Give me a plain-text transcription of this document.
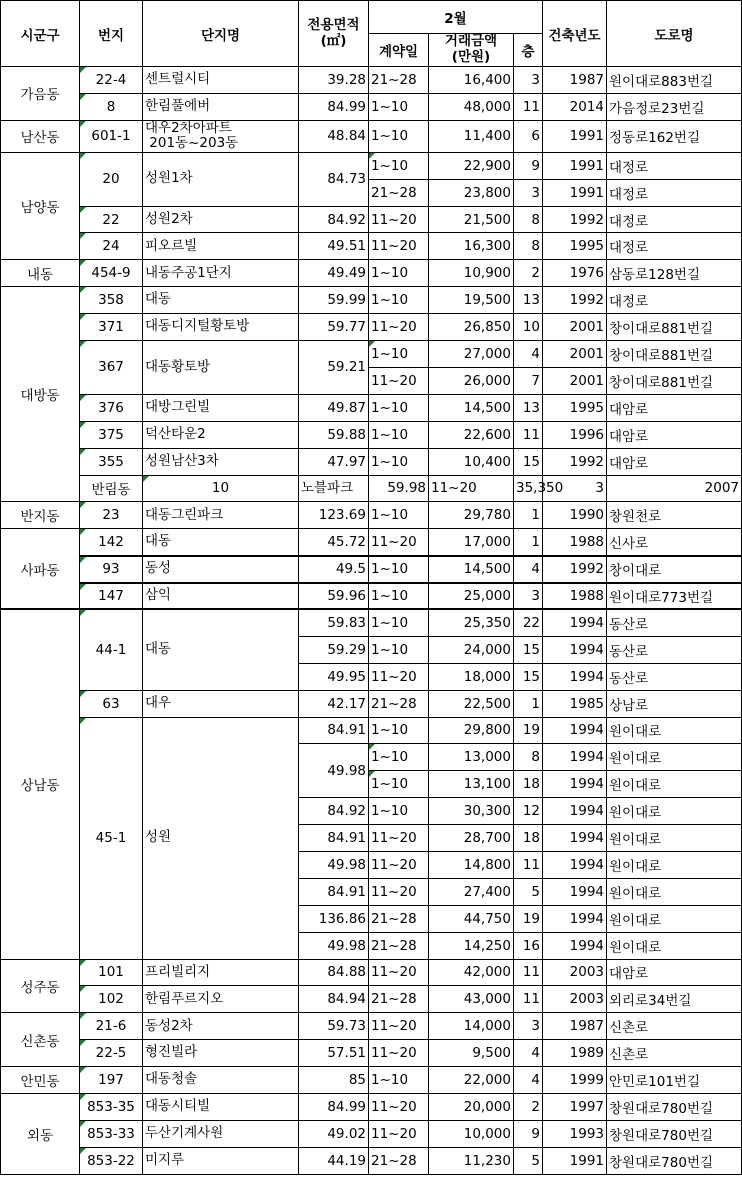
시군구	번지	단지명	전용면적
(㎡)	2월			건축년도	도로명	
				계약일	거래금액
(만원)	층			
가음동	22-4	센트럴시티	39.28	21~28	16,400	3	1987	원이대로883번길	
	8	한림풀에버	84.99	1~10	48,000	11	2014	가음정로23번길	
남산동	601-1	대우2차아파트
201동~203동	48.84	1~10	11,400	6	1991	정동로162번길	
남양동	20	성원1차	84.73	1~10	22,900	9	1991	대정로	
				21~28	23,800	3	1991	대정로	
	22	성원2차	84.92	11~20	21,500	8	1992	대정로	
	24	피오르빌	49.51	11~20	16,300	8	1995	대정로	
내동	454-9	내동주공1단지	49.49	1~10	10,900	2	1976	삼동로128번길	
대방동	358	대동	59.99	1~10	19,500	13	1992	대정로	
	371	대동디지털황토방	59.77	11~20	26,850	10	2001	창이대로881번길	
	367	대동황토방	59.21	1~10	27,000	4	2001	창이대로881번길	
				11~20	26,000	7	2001	창이대로881번길	
	376	대방그린빌	49.87	1~10	14,500	13	1995	대암로	
	375	덕산타운2	59.88	1~10	22,600	11	1996	대암로	
	355	성원남산3차	47.97	1~10	10,400	15	1992	대암로	
	반림동	10	노블파크	59.98	11~20	35,350	3	2007	
반지동	23	대동그린파크	123.69	1~10	29,780	1	1990	창원천로	
사파동	142	대동	45.72	11~20	17,000	1	1988	신사로	
	93	동성	49.5	1~10	14,500	4	1992	창이대로	
	147	삼익	59.96	1~10	25,000	3	1988	원이대로773번길	
상남동	44-1	대동	59.83	1~10	25,350	22	1994	동산로	
			59.29	1~10	24,000	15	1994	동산로	
			49.95	11~20	18,000	15	1994	동산로	
	63	대우	42.17	21~28	22,500	1	1985	상남로	
	45-1	성원	84.91	1~10	29,800	19	1994	원이대로	
			49.98	1~10	13,000	8	1994	원이대로	
				1~10	13,100	18	1994	원이대로	
			84.92	1~10	30,300	12	1994	원이대로	
			84.91	11~20	28,700	18	1994	원이대로	
			49.98	11~20	14,800	11	1994	원이대로	
			84.91	11~20	27,400	5	1994	원이대로	
			136.86	21~28	44,750	19	1994	원이대로	
			49.98	21~28	14,250	16	1994	원이대로	
성주동	101	프리빌리지	84.88	11~20	42,000	11	2003	대암로	
	102	한림푸르지오	84.94	21~28	43,000	11	2003	외리로34번길	
신촌동	21-6	동성2차	59.73	11~20	14,000	3	1987	신촌로	
	22-5	형진빌라	57.51	11~20	9,500	4	1989	신촌로	
안민동	197	대동청솔	85	1~10	22,000	4	1999	안민로101번길	
외동	853-35	대동시티빌	84.99	11~20	20,000	2	1997	창원대로780번길	
	853-33	두산기계사원	49.02	11~20	10,000	9	1993	창원대로780번길	
	853-22	미지루	44.19	21~28	11,230	5	1991	창원대로780번길	
